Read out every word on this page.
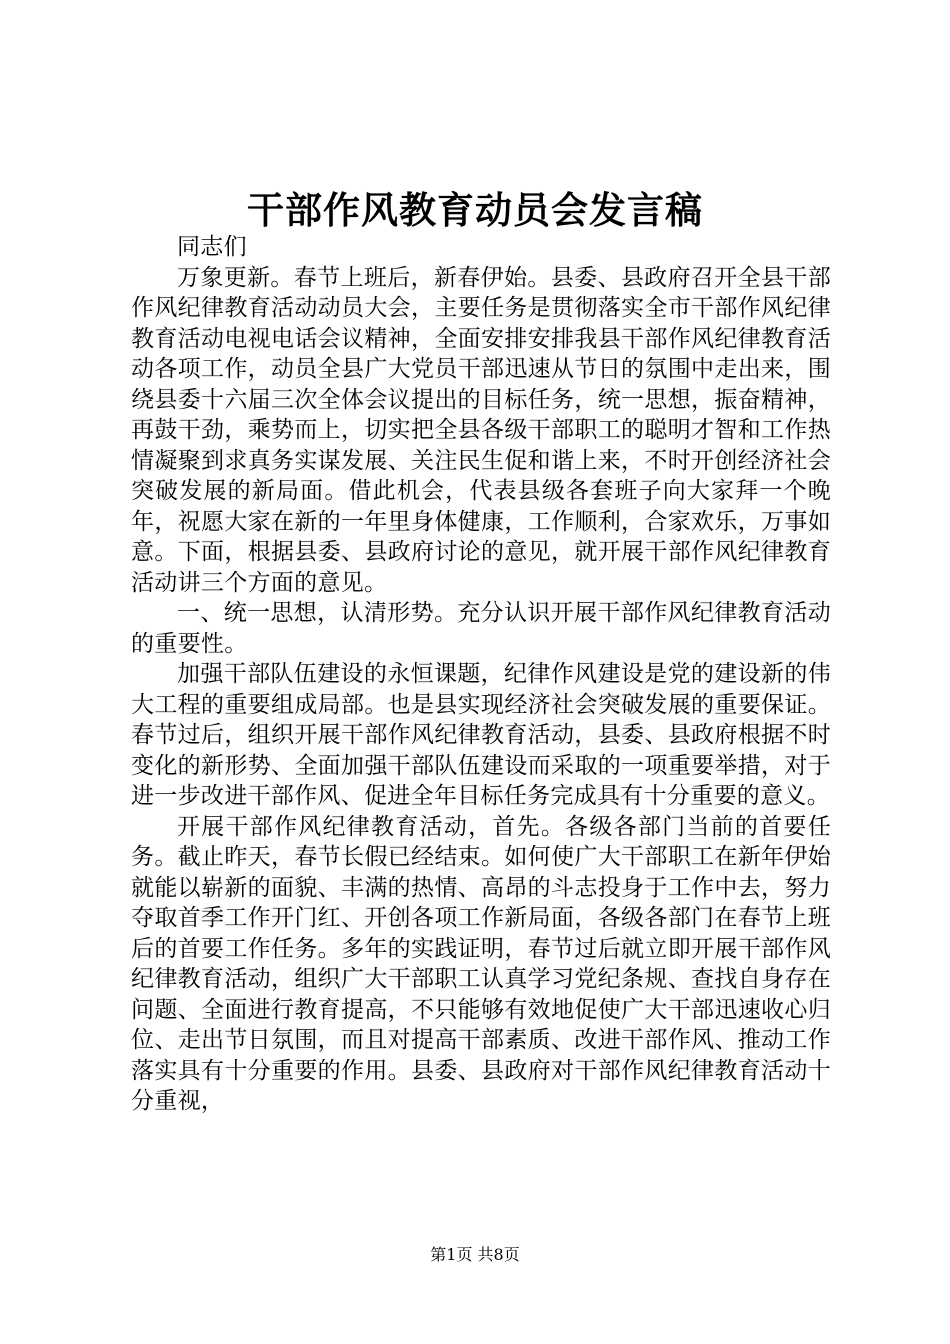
干部作风教育动员会发言稿

同志们

万象更新。春节上班后，新春伊始。县委、县政府召开全县干部作风纪律教育活动动员大会，主要任务是贯彻落实全市干部作风纪律教育活动电视电话会议精神，全面安排安排我县干部作风纪律教育活动各项工作，动员全县广大党员干部迅速从节日的氛围中走出来，围绕县委十六届三次全体会议提出的目标任务，统一思想，振奋精神，再鼓干劲，乘势而上，切实把全县各级干部职工的聪明才智和工作热情凝聚到求真务实谋发展、关注民生促和谐上来，不时开创经济社会突破发展的新局面。借此机会，代表县级各套班子向大家拜一个晚年，祝愿大家在新的一年里身体健康，工作顺利，合家欢乐，万事如意。下面，根据县委、县政府讨论的意见，就开展干部作风纪律教育活动讲三个方面的意见。

一、统一思想，认清形势。充分认识开展干部作风纪律教育活动的重要性。

加强干部队伍建设的永恒课题，纪律作风建设是党的建设新的伟大工程的重要组成局部。也是县实现经济社会突破发展的重要保证。春节过后，组织开展干部作风纪律教育活动，县委、县政府根据不时变化的新形势、全面加强干部队伍建设而采取的一项重要举措，对于进一步改进干部作风、促进全年目标任务完成具有十分重要的意义。

开展干部作风纪律教育活动，首先。各级各部门当前的首要任务。截止昨天，春节长假已经结束。如何使广大干部职工在新年伊始就能以崭新的面貌、丰满的热情、高昂的斗志投身于工作中去，努力夺取首季工作开门红、开创各项工作新局面，各级各部门在春节上班后的首要工作任务。多年的实践证明，春节过后就立即开展干部作风纪律教育活动，组织广大干部职工认真学习党纪条规、查找自身存在问题、全面进行教育提高，不只能够有效地促使广大干部迅速收心归位、走出节日氛围，而且对提高干部素质、改进干部作风、推动工作落实具有十分重要的作用。县委、县政府对干部作风纪律教育活动十分重视，

第1页 共8页
